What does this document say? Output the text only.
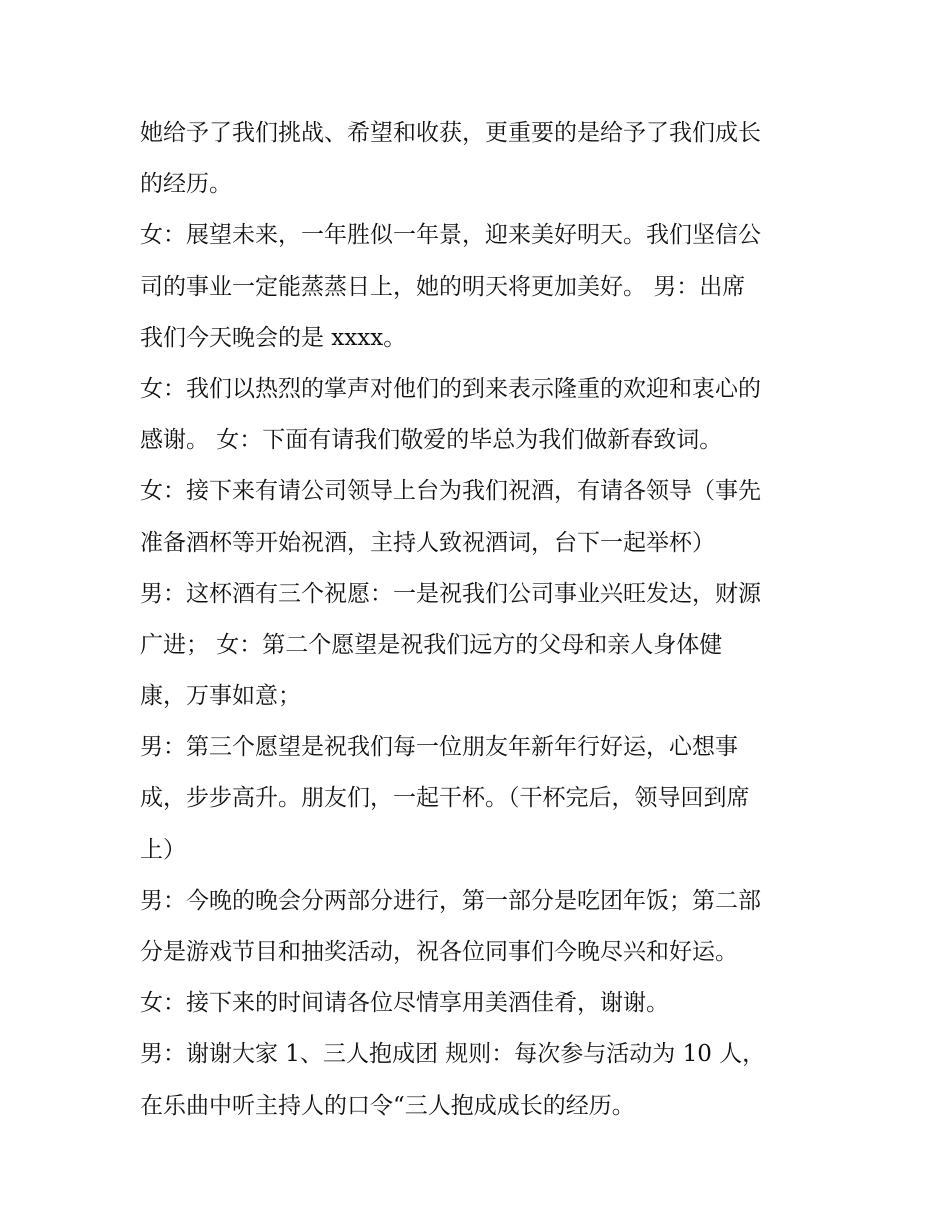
她给予了我们挑战、希望和收获，更重要的是给予了我们成长
的经历。
女：展望未来，一年胜似一年景，迎来美好明天。我们坚信公
司的事业一定能蒸蒸日上，她的明天将更加美好。 男：出席
我们今天晚会的是 xxxx。
女：我们以热烈的掌声对他们的到来表示隆重的欢迎和衷心的
感谢。 女：下面有请我们敬爱的毕总为我们做新春致词。
女：接下来有请公司领导上台为我们祝酒，有请各领导（事先
准备酒杯等开始祝酒，主持人致祝酒词，台下一起举杯）
男：这杯酒有三个祝愿：一是祝我们公司事业兴旺发达，财源
广进； 女：第二个愿望是祝我们远方的父母和亲人身体健
康，万事如意；
男：第三个愿望是祝我们每一位朋友年新年行好运，心想事
成，步步高升。朋友们，一起干杯。（干杯完后，领导回到席
上）
男：今晚的晚会分两部分进行，第一部分是吃团年饭；第二部
分是游戏节目和抽奖活动，祝各位同事们今晚尽兴和好运。
女：接下来的时间请各位尽情享用美酒佳肴，谢谢。
男：谢谢大家 1、三人抱成团 规则：每次参与活动为 10 人，
在乐曲中听主持人的口令“三人抱成成长的经历。
